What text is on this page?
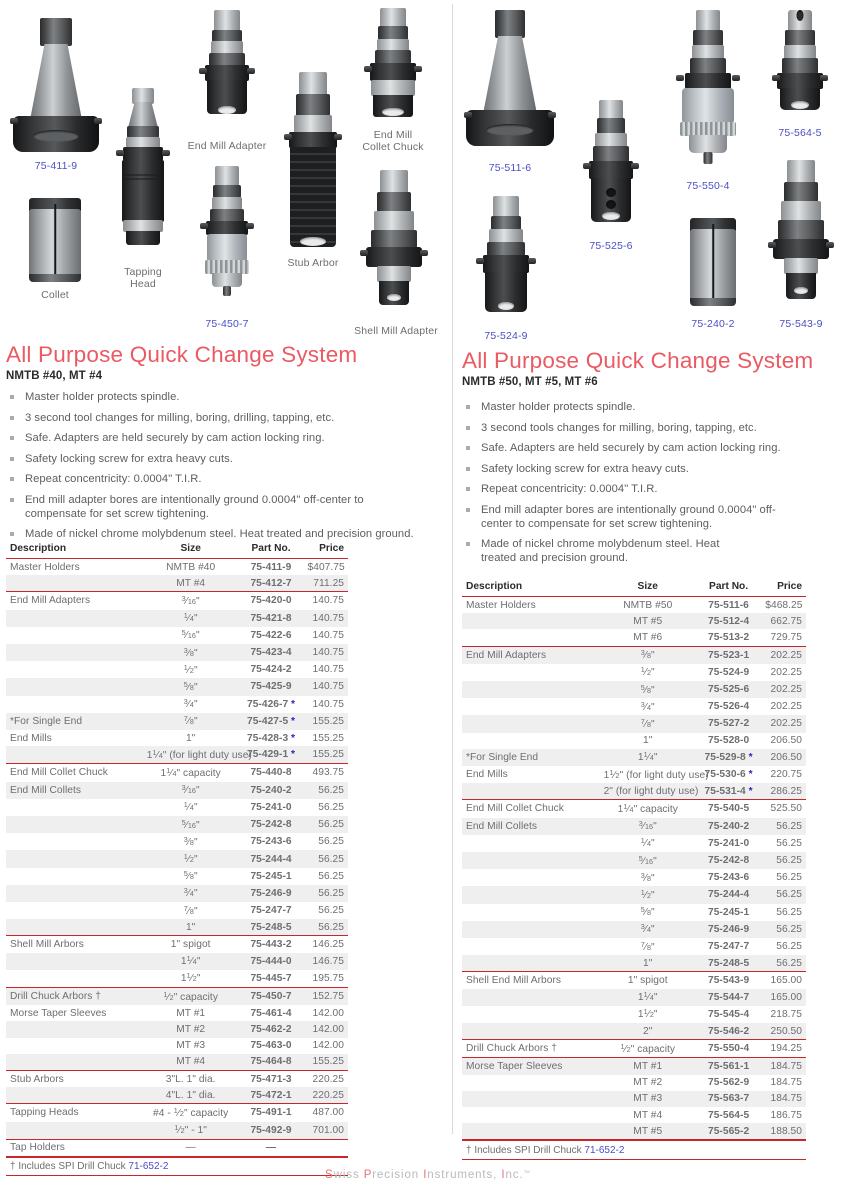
75-411-9
Collet
Tapping
Head
End Mill Adapter
75-450-7
Stub Arbor
End Mill
Collet Chuck
Shell Mill Adapter
75-511-6
75-524-9
75-525-6
75-550-4
75-240-2
75-564-5
75-543-9
All Purpose Quick Change System
NMTB #40, MT #4
Master holder protects spindle.
3 second tool changes for milling, boring, drilling, tapping, etc.
Safe. Adapters are held securely by cam action locking ring.
Safety locking screw for extra heavy cuts.
Repeat concentricity: 0.0004" T.I.R.
End mill adapter bores are intentionally ground 0.0004" off-center to compensate for set screw tightening.
Made of nickel chrome molybdenum steel. Heat treated and precision ground.
All Purpose Quick Change System
NMTB #50, MT #5, MT #6
Master holder protects spindle.
3 second tools changes for milling, boring, tapping, etc.
Safe. Adapters are held securely by cam action locking ring.
Safety locking screw for extra heavy cuts.
Repeat concentricity: 0.0004" T.I.R.
End mill adapter bores are intentionally ground 0.0004" off-center to compensate for set screw tightening.
Made of nickel chrome molybdenum steel. Heat treated and precision ground.
Description	Size	Part No.	Price
Master Holders	NMTB #40	75-411-9	$407.75
	MT #4	75-412-7	711.25
End Mill Adapters	$^3$⁄16"	75-420-0	140.75
	$^1$⁄4"	75-421-8	140.75
	$^5$⁄16"	75-422-6	140.75
	$^3$⁄8"	75-423-4	140.75
	$^1$⁄2"	75-424-2	140.75
	$^5$⁄8"	75-425-9	140.75
	$^3$⁄4"	75-426-7 *	140.75
*For Single End	$^7$⁄8"	75-427-5 *	155.25
End Mills	1"	75-428-3 *	155.25
	$1^1⁄4$" (for light duty use)	75-429-1 *	155.25
End Mill Collet Chuck	$1^1⁄4$" capacity	75-440-8	493.75
End Mill Collets	$^3$⁄16"	75-240-2	56.25
	$^1$⁄4"	75-241-0	56.25
	$^5$⁄16"	75-242-8	56.25
	$^3$⁄8"	75-243-6	56.25
	$^1$⁄2"	75-244-4	56.25
	$^5$⁄8"	75-245-1	56.25
	$^3$⁄4"	75-246-9	56.25
	$^7$⁄8"	75-247-7	56.25
	1"	75-248-5	56.25
Shell Mill Arbors	1" spigot	75-443-2	146.25
	$1^1⁄4$"	75-444-0	146.75
	$1^1⁄2$"	75-445-7	195.75
Drill Chuck Arbors †	$^1$⁄2" capacity	75-450-7	152.75
Morse Taper Sleeves	MT #1	75-461-4	142.00
	MT #2	75-462-2	142.00
	MT #3	75-463-0	142.00
	MT #4	75-464-8	155.25
Stub Arbors	3"L. 1" dia.	75-471-3	220.25
	4"L. 1" dia.	75-472-1	220.25
Tapping Heads	#4 - $^1$⁄2" capacity	75-491-1	487.00
	$^1$⁄2" - 1"	75-492-9	701.00
Tap Holders	—	—	
† Includes SPI Drill Chuck 71-652-2
Description	Size	Part No.	Price
Master Holders	NMTB #50	75-511-6	$468.25
	MT #5	75-512-4	662.75
	MT #6	75-513-2	729.75
End Mill Adapters	$^3$⁄8"	75-523-1	202.25
	$^1$⁄2"	75-524-9	202.25
	$^5$⁄8"	75-525-6	202.25
	$^3$⁄4"	75-526-4	202.25
	$^7$⁄8"	75-527-2	202.25
	1"	75-528-0	206.50
*For Single End	$1^1⁄4$"	75-529-8 *	206.50
End Mills	$1^1⁄2$" (for light duty use)	75-530-6 *	220.75
	2" (for light duty use)	75-531-4 *	286.25
End Mill Collet Chuck	$1^1⁄4$" capacity	75-540-5	525.50
End Mill Collets	$^3$⁄16"	75-240-2	56.25
	$^1$⁄4"	75-241-0	56.25
	$^5$⁄16"	75-242-8	56.25
	$^3$⁄8"	75-243-6	56.25
	$^1$⁄2"	75-244-4	56.25
	$^5$⁄8"	75-245-1	56.25
	$^3$⁄4"	75-246-9	56.25
	$^7$⁄8"	75-247-7	56.25
	1"	75-248-5	56.25
Shell End Mill Arbors	1" spigot	75-543-9	165.00
	$1^1⁄4$"	75-544-7	165.00
	$1^1⁄2$"	75-545-4	218.75
	2"	75-546-2	250.50
Drill Chuck Arbors †	$^1$⁄2" capacity	75-550-4	194.25
Morse Taper Sleeves	MT #1	75-561-1	184.75
	MT #2	75-562-9	184.75
	MT #3	75-563-7	184.75
	MT #4	75-564-5	186.75
	MT #5	75-565-2	188.50
† Includes SPI Drill Chuck 71-652-2
Swiss Precision Instruments, Inc.™
